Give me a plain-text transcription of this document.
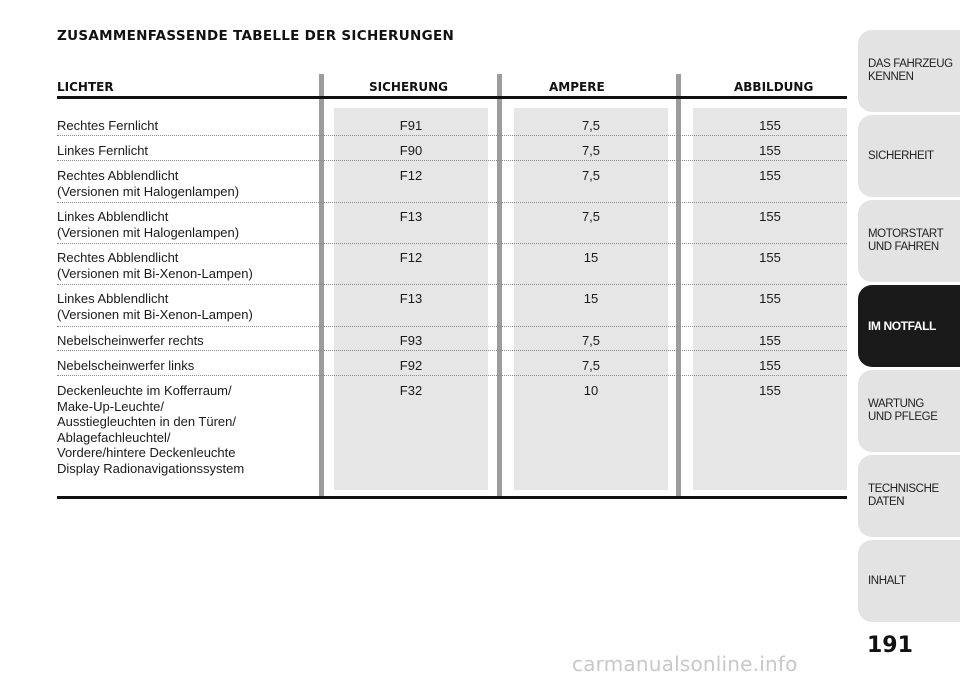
ZUSAMMENFASSENDE TABELLE DER SICHERUNGEN
LICHTER	SICHERUNG	AMPERE	ABBILDUNG
Rechtes Fernlicht	F91	7,5	155
Linkes Fernlicht	F90	7,5	155
Rechtes Abblendlicht
(Versionen mit Halogenlampen)
F12	7,5	155
Linkes Abblendlicht
(Versionen mit Halogenlampen)
F13	7,5	155
Rechtes Abblendlicht
(Versionen mit Bi-Xenon-Lampen)
F12	15	155
Linkes Abblendlicht
(Versionen mit Bi-Xenon-Lampen)
F13	15	155
Nebelscheinwerfer rechts	F93	7,5	155
Nebelscheinwerfer links	F92	7,5	155
Deckenleuchte im Kofferraum/
Make-Up-Leuchte/
Ausstiegleuchten in den Türen/
Ablagefachleuchtel/
Vordere/hintere Deckenleuchte
Display Radionavigationssystem
F32	10	155
DAS FAHRZEUG
KENNEN
SICHERHEIT
MOTORSTART
UND FAHREN
IM NOTFALL
WARTUNG
UND PFLEGE
TECHNISCHE
DATEN
INHALT
191
carmanualsonline.info
